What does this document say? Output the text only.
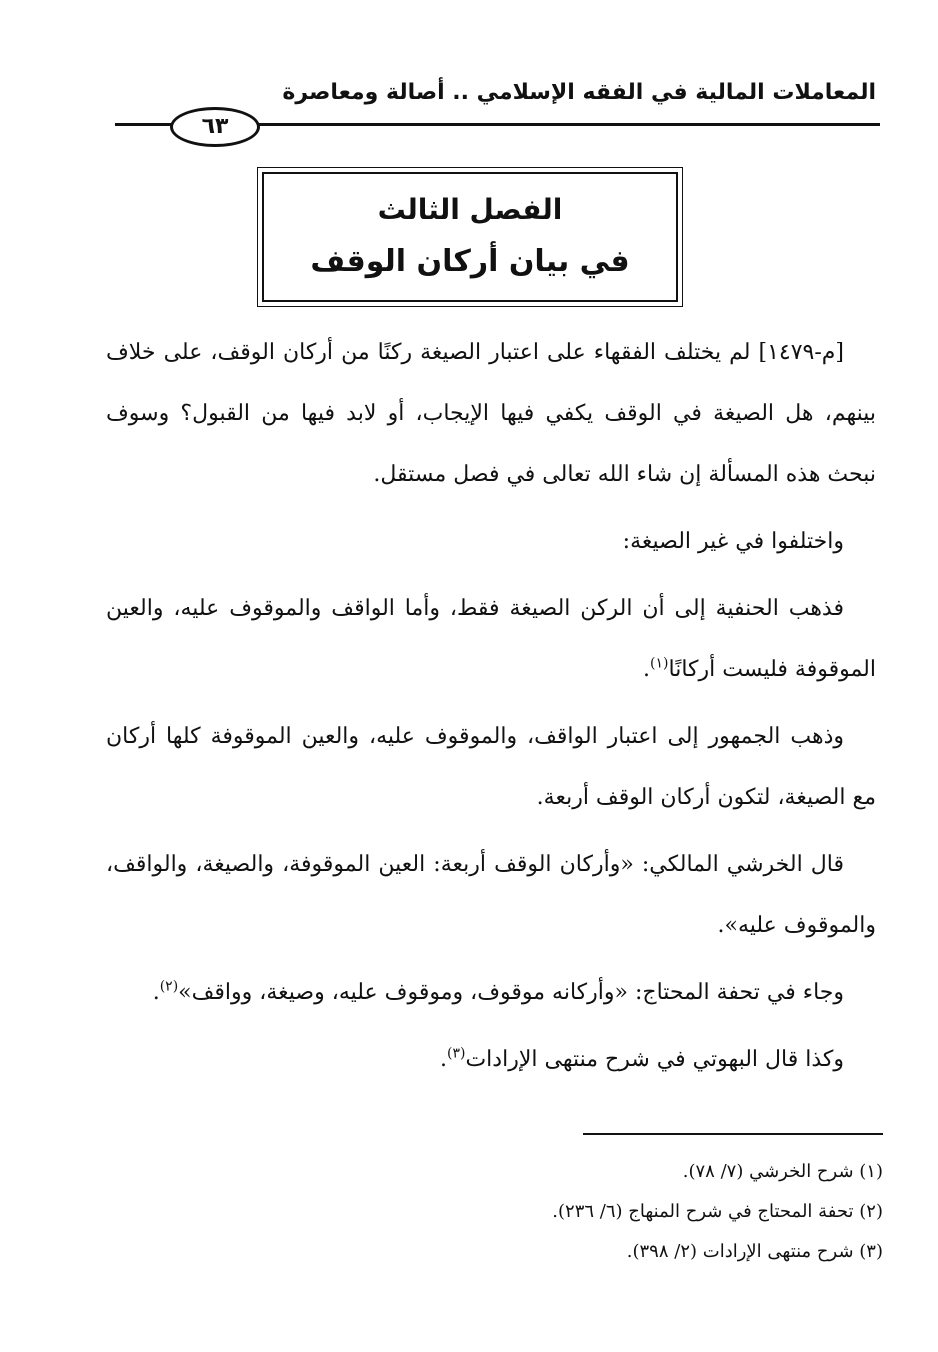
المعاملات المالية في الفقه الإسلامي .. أصالة ومعاصرة
٦٣
الفصل الثالث
في بيان أركان الوقف

[م-١٤٧٩] لم يختلف الفقهاء على اعتبار الصيغة ركنًا من أركان الوقف، على خلاف بينهم، هل الصيغة في الوقف يكفي فيها الإيجاب، أو لابد فيها من القبول؟ وسوف نبحث هذه المسألة إن شاء الله تعالى في فصل مستقل.

واختلفوا في غير الصيغة:

فذهب الحنفية إلى أن الركن الصيغة فقط، وأما الواقف والموقوف عليه، والعين الموقوفة فليست أركانًا$^{(١)}$.

وذهب الجمهور إلى اعتبار الواقف، والموقوف عليه، والعين الموقوفة كلها أركان مع الصيغة، لتكون أركان الوقف أربعة.

قال الخرشي المالكي: «وأركان الوقف أربعة: العين الموقوفة، والصيغة، والواقف، والموقوف عليه».

وجاء في تحفة المحتاج: «وأركانه موقوف، وموقوف عليه، وصيغة، وواقف»$^{(٢)}$.

وكذا قال البهوتي في شرح منتهى الإرادات$^{(٣)}$.

(١) شرح الخرشي (٧/ ٧٨).
(٢) تحفة المحتاج في شرح المنهاج (٦/ ٢٣٦).
(٣) شرح منتهى الإرادات (٢/ ٣٩٨).
